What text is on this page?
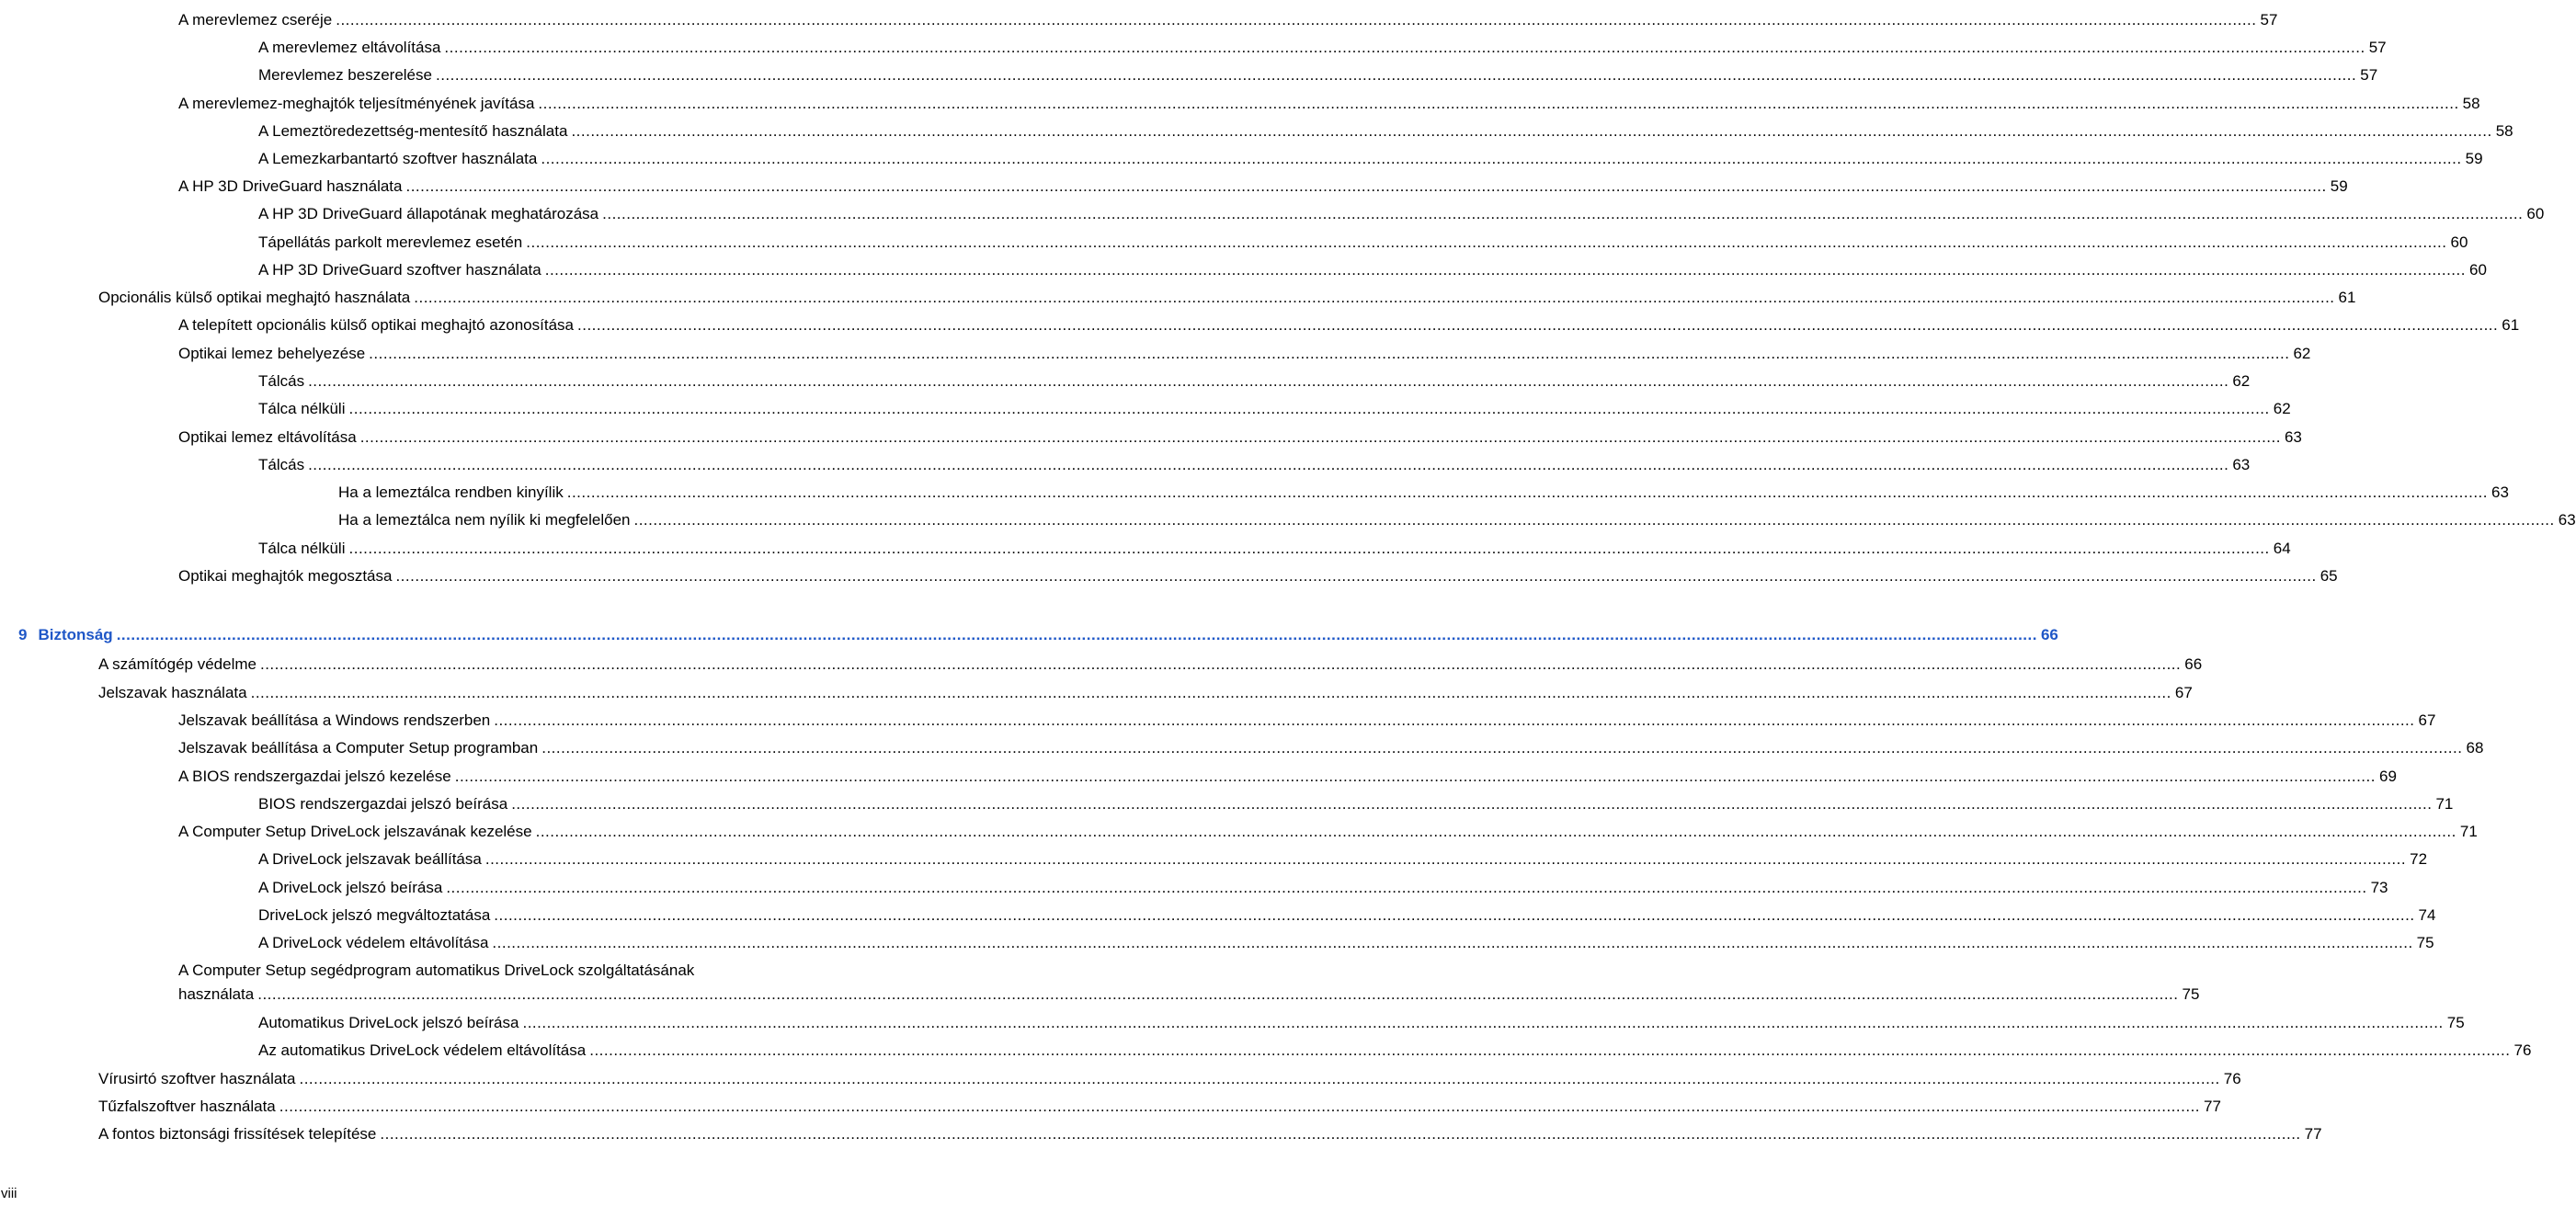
A merevlemez cseréje ................................................................................................................................................................................................................................................................................................................................................................................................................ 57
A merevlemez eltávolítása ................................................................................................................................................................................................................................................................................................................................................................................................................ 57
Merevlemez beszerelése ................................................................................................................................................................................................................................................................................................................................................................................................................ 57
A merevlemez-meghajtók teljesítményének javítása ................................................................................................................................................................................................................................................................................................................................................................................................................ 58
A Lemeztöredezettség-mentesítő használata ................................................................................................................................................................................................................................................................................................................................................................................................................ 58
A Lemezkarbantartó szoftver használata ................................................................................................................................................................................................................................................................................................................................................................................................................ 59
A HP 3D DriveGuard használata ................................................................................................................................................................................................................................................................................................................................................................................................................ 59
A HP 3D DriveGuard állapotának meghatározása ................................................................................................................................................................................................................................................................................................................................................................................................................ 60
Tápellátás parkolt merevlemez esetén ................................................................................................................................................................................................................................................................................................................................................................................................................ 60
A HP 3D DriveGuard szoftver használata ................................................................................................................................................................................................................................................................................................................................................................................................................ 60
Opcionális külső optikai meghajtó használata ................................................................................................................................................................................................................................................................................................................................................................................................................ 61
A telepített opcionális külső optikai meghajtó azonosítása ................................................................................................................................................................................................................................................................................................................................................................................................................ 61
Optikai lemez behelyezése ................................................................................................................................................................................................................................................................................................................................................................................................................ 62
Tálcás ................................................................................................................................................................................................................................................................................................................................................................................................................ 62
Tálca nélküli ................................................................................................................................................................................................................................................................................................................................................................................................................ 62
Optikai lemez eltávolítása ................................................................................................................................................................................................................................................................................................................................................................................................................ 63
Tálcás ................................................................................................................................................................................................................................................................................................................................................................................................................ 63
Ha a lemeztálca rendben kinyílik ................................................................................................................................................................................................................................................................................................................................................................................................................ 63
Ha a lemeztálca nem nyílik ki megfelelően ................................................................................................................................................................................................................................................................................................................................................................................................................ 63
Tálca nélküli ................................................................................................................................................................................................................................................................................................................................................................................................................ 64
Optikai meghajtók megosztása ................................................................................................................................................................................................................................................................................................................................................................................................................ 65
9 Biztonság ................................................................................................................................................................................................................................................................................................................................................................................................................ 66
A számítógép védelme ................................................................................................................................................................................................................................................................................................................................................................................................................ 66
Jelszavak használata ................................................................................................................................................................................................................................................................................................................................................................................................................ 67
Jelszavak beállítása a Windows rendszerben ................................................................................................................................................................................................................................................................................................................................................................................................................ 67
Jelszavak beállítása a Computer Setup programban ................................................................................................................................................................................................................................................................................................................................................................................................................ 68
A BIOS rendszergazdai jelszó kezelése ................................................................................................................................................................................................................................................................................................................................................................................................................ 69
BIOS rendszergazdai jelszó beírása ................................................................................................................................................................................................................................................................................................................................................................................................................ 71
A Computer Setup DriveLock jelszavának kezelése ................................................................................................................................................................................................................................................................................................................................................................................................................ 71
A DriveLock jelszavak beállítása ................................................................................................................................................................................................................................................................................................................................................................................................................ 72
A DriveLock jelszó beírása ................................................................................................................................................................................................................................................................................................................................................................................................................ 73
DriveLock jelszó megváltoztatása ................................................................................................................................................................................................................................................................................................................................................................................................................ 74
A DriveLock védelem eltávolítása ................................................................................................................................................................................................................................................................................................................................................................................................................ 75
A Computer Setup segédprogram automatikus DriveLock szolgáltatásának
használata ................................................................................................................................................................................................................................................................................................................................................................................................................ 75
Automatikus DriveLock jelszó beírása ................................................................................................................................................................................................................................................................................................................................................................................................................ 75
Az automatikus DriveLock védelem eltávolítása ................................................................................................................................................................................................................................................................................................................................................................................................................ 76
Vírusirtó szoftver használata ................................................................................................................................................................................................................................................................................................................................................................................................................ 76
Tűzfalszoftver használata ................................................................................................................................................................................................................................................................................................................................................................................................................ 77
A fontos biztonsági frissítések telepítése ................................................................................................................................................................................................................................................................................................................................................................................................................ 77
viii
